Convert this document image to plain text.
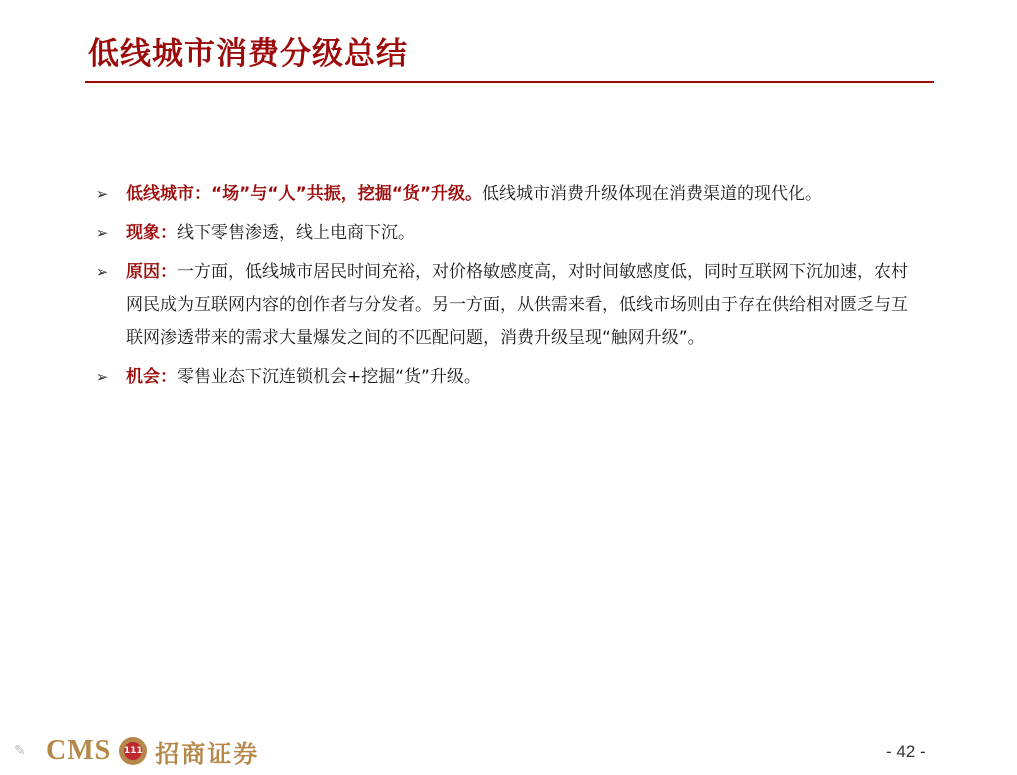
低线城市消费分级总结
➢ 低线城市：“场”与“人”共振，挖掘“货”升级。低线城市消费升级体现在消费渠道的现代化。
➢ 现象：线下零售渗透，线上电商下沉。
➢ 原因：一方面，低线城市居民时间充裕，对价格敏感度高，对时间敏感度低，同时互联网下沉加速，农村网民成为互联网内容的创作者与分发者。另一方面，从供需来看，低线市场则由于存在供给相对匮乏与互联网渗透带来的需求大量爆发之间的不匹配问题，消费升级呈现“触网升级”。
➢ 机会：零售业态下沉连锁机会+挖掘“货”升级。
✎ CMS 111 招商证券	- 42 -
